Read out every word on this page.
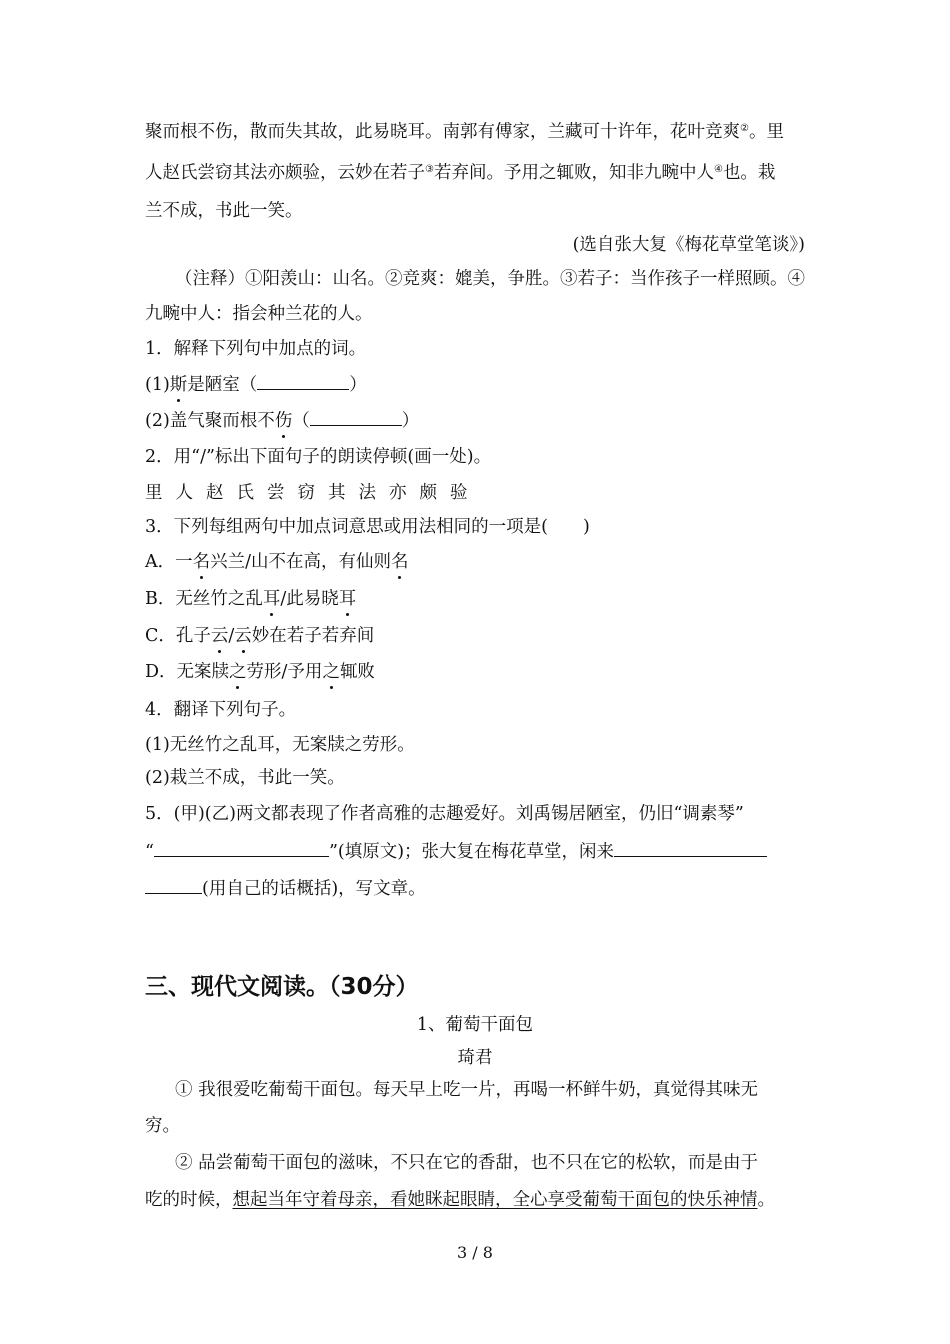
聚而根不伤，散而失其故，此易晓耳。南郭有傅家，兰藏可十许年，花叶竞爽②。里
人赵氏尝窃其法亦颇验，云妙在若子③若弃间。予用之辄败，知非九畹中人④也。栽
兰不成，书此一笑。
(选自张大复《梅花草堂笔谈》)
（注释）①阳羡山：山名。②竞爽：媲美，争胜。③若子：当作孩子一样照顾。④
九畹中人：指会种兰花的人。
1．解释下列句中加点的词。
(1)斯是陋室（	）
(2)盖气聚而根不伤（	）
2．用“/”标出下面句子的朗读停顿(画一处)。
里人赵氏尝窃其法亦颇验
3．下列每组两句中加点词意思或用法相同的一项是(　　)
A．一名兴兰/山不在高，有仙则名
B．无丝竹之乱耳/此易晓耳
C．孔子云/云妙在若子若弃间
D．无案牍之劳形/予用之辄败
4．翻译下列句子。
(1)无丝竹之乱耳，无案牍之劳形。
(2)栽兰不成，书此一笑。
5．(甲)(乙)两文都表现了作者高雅的志趣爱好。刘禹锡居陋室，仍旧“调素琴”
“	”(填原文)；张大复在梅花草堂，闲来
(用自己的话概括)，写文章。
三、现代文阅读。（30分）
1、葡萄干面包
琦君
① 我很爱吃葡萄干面包。每天早上吃一片，再喝一杯鲜牛奶，真觉得其味无
穷。
② 品尝葡萄干面包的滋味，不只在它的香甜，也不只在它的松软，而是由于
吃的时候，想起当年守着母亲，看她眯起眼睛，全心享受葡萄干面包的快乐神情。
3 / 8
